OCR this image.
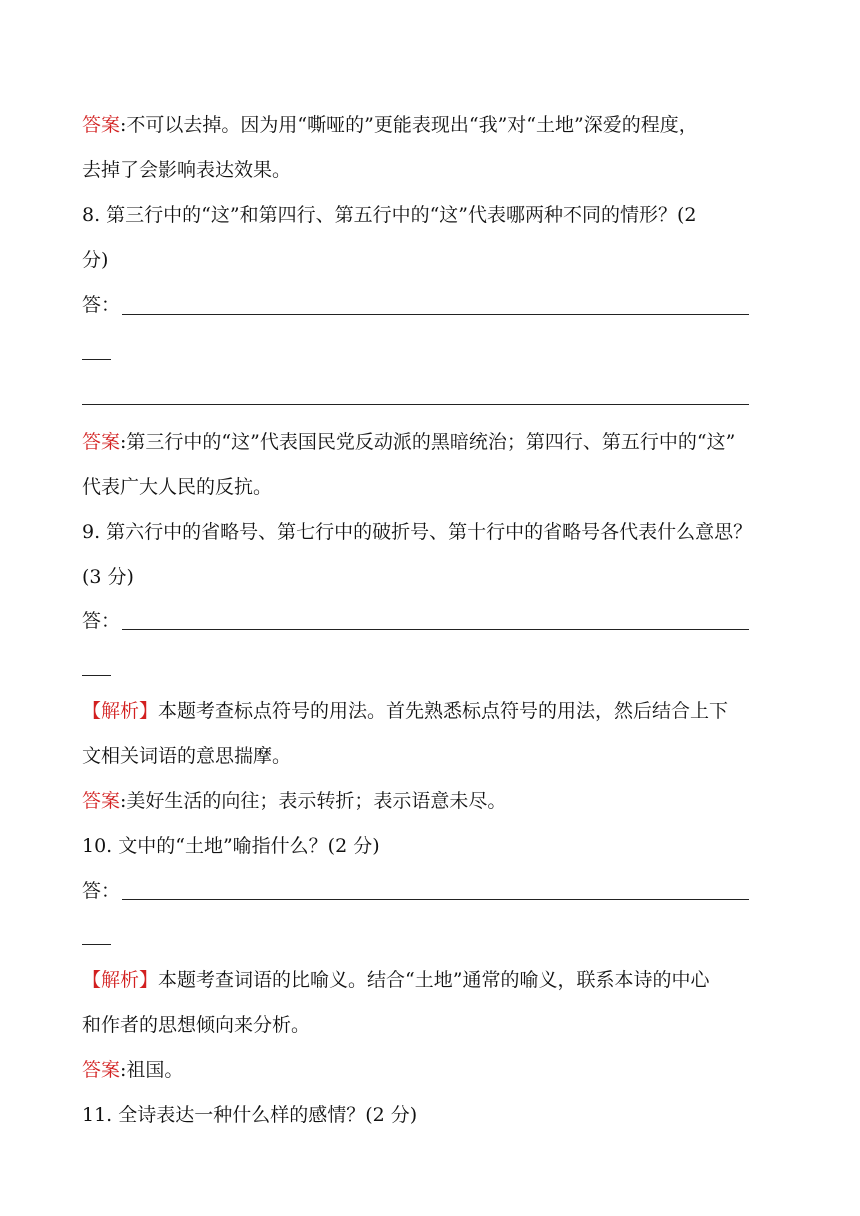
答案:不可以去掉。因为用“嘶哑的”更能表现出“我”对“土地”深爱的程度，
去掉了会影响表达效果。
8. 第三行中的“这”和第四行、第五行中的“这”代表哪两种不同的情形？(2
分)
答：
答案:第三行中的“这”代表国民党反动派的黑暗统治；第四行、第五行中的“这”
代表广大人民的反抗。
9. 第六行中的省略号、第七行中的破折号、第十行中的省略号各代表什么意思？
(3 分)
答：
【解析】本题考查标点符号的用法。首先熟悉标点符号的用法，然后结合上下
文相关词语的意思揣摩。
答案:美好生活的向往；表示转折；表示语意未尽。
10. 文中的“土地”喻指什么？(2 分)
答：
【解析】本题考查词语的比喻义。结合“土地”通常的喻义，联系本诗的中心
和作者的思想倾向来分析。
答案:祖国。
11. 全诗表达一种什么样的感情？(2 分)
